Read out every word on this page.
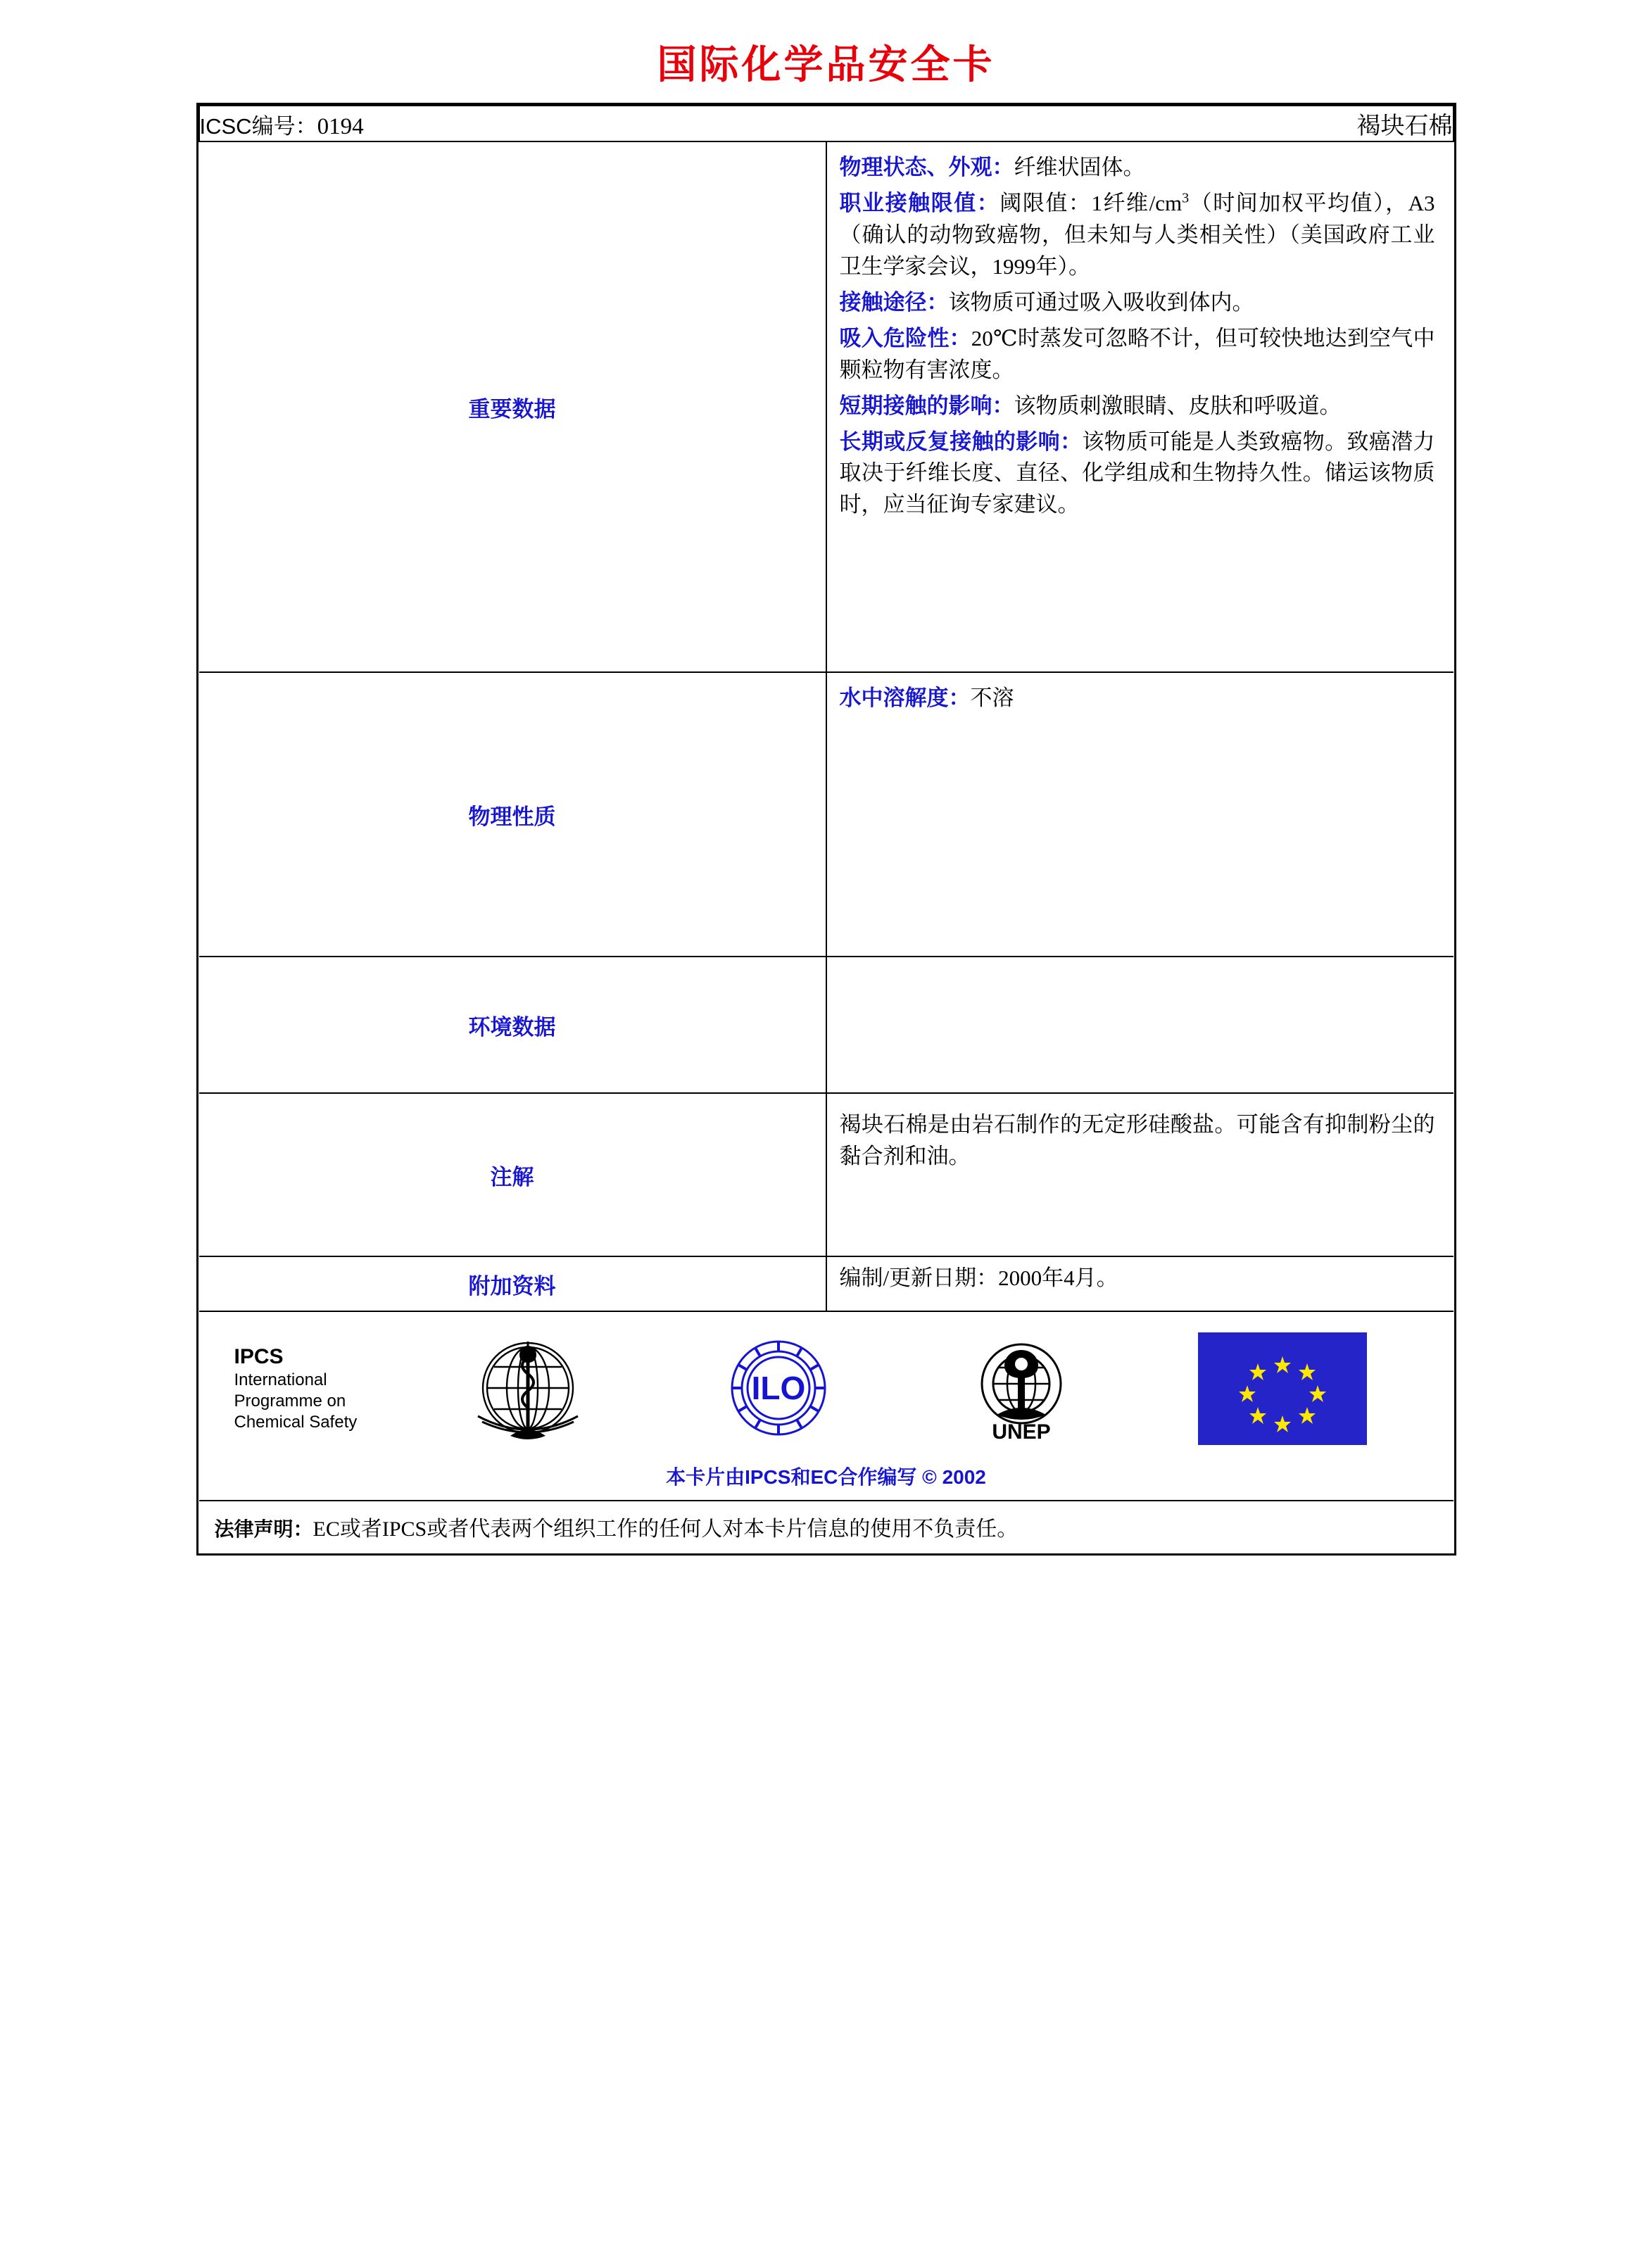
国际化学品安全卡
ICSC编号：0194 褐块石棉	

重要数据

物理状态、外观：纤维状固体。

职业接触限值：阈限值：1纤维$/cm^3$（时间加权平均值），A3（确认的动物致癌物，但未知与人类相关性）（美国政府工业卫生学家会议，1999年）。

接触途径：该物质可通过吸入吸收到体内。

吸入危险性：20℃时蒸发可忽略不计，但可较快地达到空气中颗粒物有害浓度。

短期接触的影响：该物质刺激眼睛、皮肤和呼吸道。

长期或反复接触的影响：该物质可能是人类致癌物。致癌潜力取决于纤维长度、直径、化学组成和生物持久性。储运该物质时，应当征询专家建议。

物理性质	水中溶解度：不溶

环境数据	

注解	褐块石棉是由岩石制作的无定形硅酸盐。可能含有抑制粉尘的黏合剂和油。

附加资料	编制/更新日期：2000年4月。

IPCS
International
Programme on
Chemical Safety
ILO
UNEP
本卡片由IPCS和EC合作编写 © 2002

法律声明：EC或者IPCS或者代表两个组织工作的任何人对本卡片信息的使用不负责任。	
